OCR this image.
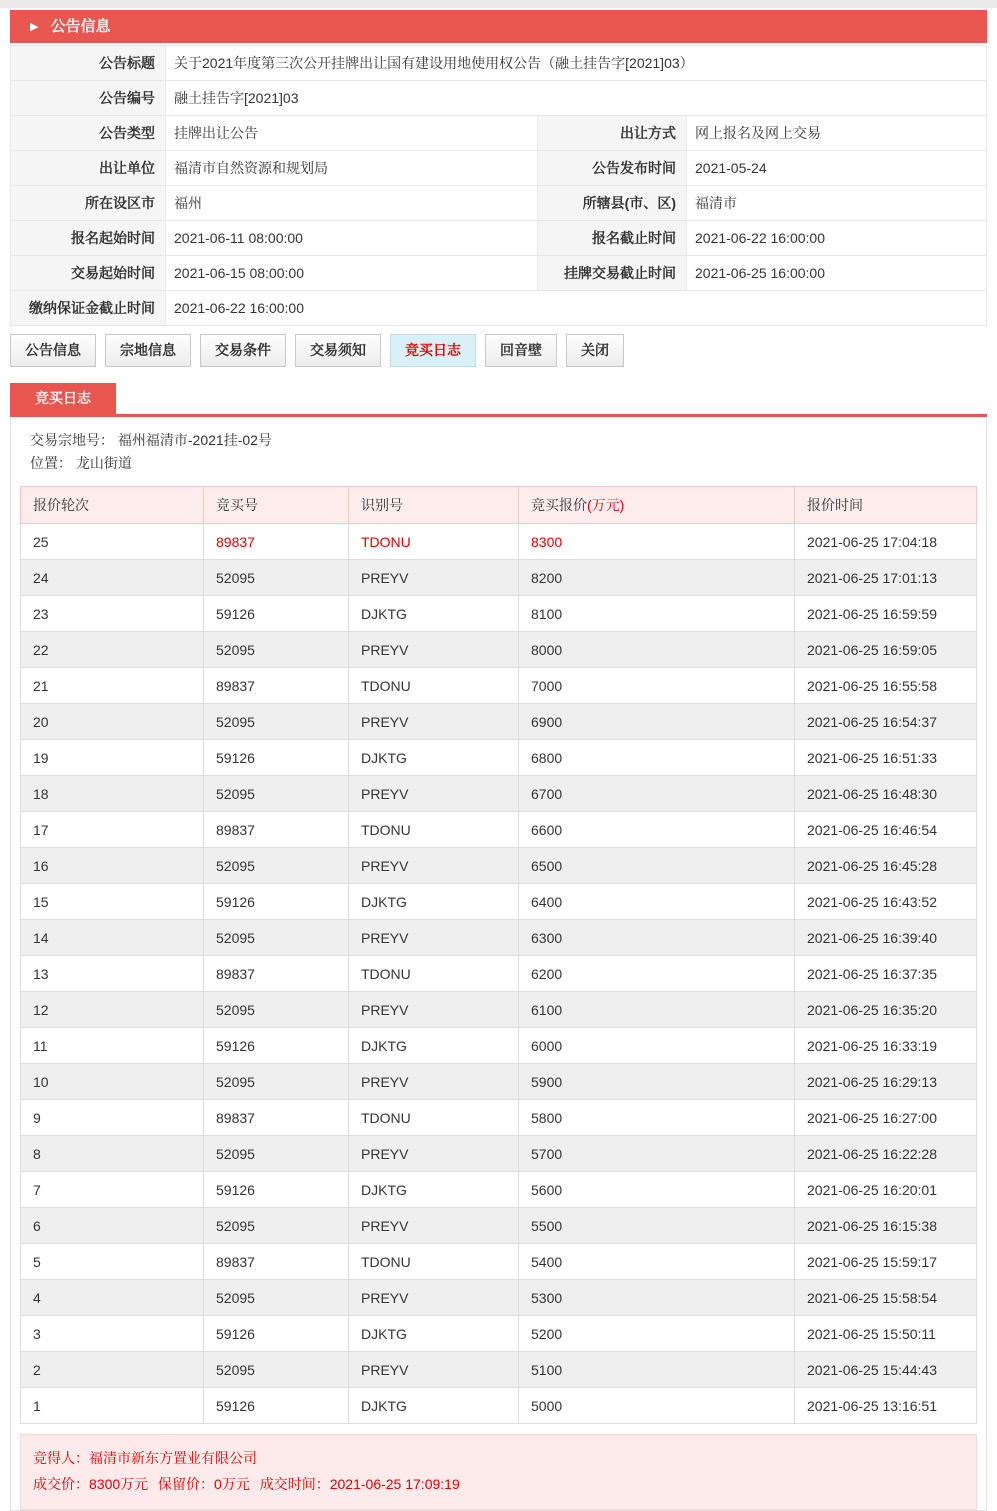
▶ 公告信息
公告标题	关于2021年度第三次公开挂牌出让国有建设用地使用权公告（融土挂告字[2021]03）		
公告编号	融土挂告字[2021]03		
公告类型	挂牌出让公告	出让方式	网上报名及网上交易
出让单位	福清市自然资源和规划局	公告发布时间	2021-05-24
所在设区市	福州	所辖县(市、区)	福清市
报名起始时间	2021-06-11 08:00:00	报名截止时间	2021-06-22 16:00:00
交易起始时间	2021-06-15 08:00:00	挂牌交易截止时间	2021-06-25 16:00:00
缴纳保证金截止时间	2021-06-22 16:00:00		
公告信息	宗地信息	交易条件	交易须知	竞买日志	回音壁	关闭
竞买日志
交易宗地号： 福州福清市-2021挂-02号
位置： 龙山街道
报价轮次	竞买号	识别号	竞买报价(万元)	报价时间
25	89837	TDONU	8300	2021-06-25 17:04:18
24	52095	PREYV	8200	2021-06-25 17:01:13
23	59126	DJKTG	8100	2021-06-25 16:59:59
22	52095	PREYV	8000	2021-06-25 16:59:05
21	89837	TDONU	7000	2021-06-25 16:55:58
20	52095	PREYV	6900	2021-06-25 16:54:37
19	59126	DJKTG	6800	2021-06-25 16:51:33
18	52095	PREYV	6700	2021-06-25 16:48:30
17	89837	TDONU	6600	2021-06-25 16:46:54
16	52095	PREYV	6500	2021-06-25 16:45:28
15	59126	DJKTG	6400	2021-06-25 16:43:52
14	52095	PREYV	6300	2021-06-25 16:39:40
13	89837	TDONU	6200	2021-06-25 16:37:35
12	52095	PREYV	6100	2021-06-25 16:35:20
11	59126	DJKTG	6000	2021-06-25 16:33:19
10	52095	PREYV	5900	2021-06-25 16:29:13
9	89837	TDONU	5800	2021-06-25 16:27:00
8	52095	PREYV	5700	2021-06-25 16:22:28
7	59126	DJKTG	5600	2021-06-25 16:20:01
6	52095	PREYV	5500	2021-06-25 16:15:38
5	89837	TDONU	5400	2021-06-25 15:59:17
4	52095	PREYV	5300	2021-06-25 15:58:54
3	59126	DJKTG	5200	2021-06-25 15:50:11
2	52095	PREYV	5100	2021-06-25 15:44:43
1	59126	DJKTG	5000	2021-06-25 13:16:51
竞得人：福清市新东方置业有限公司
成交价：8300万元 保留价：0万元 成交时间：2021-06-25 17:09:19
